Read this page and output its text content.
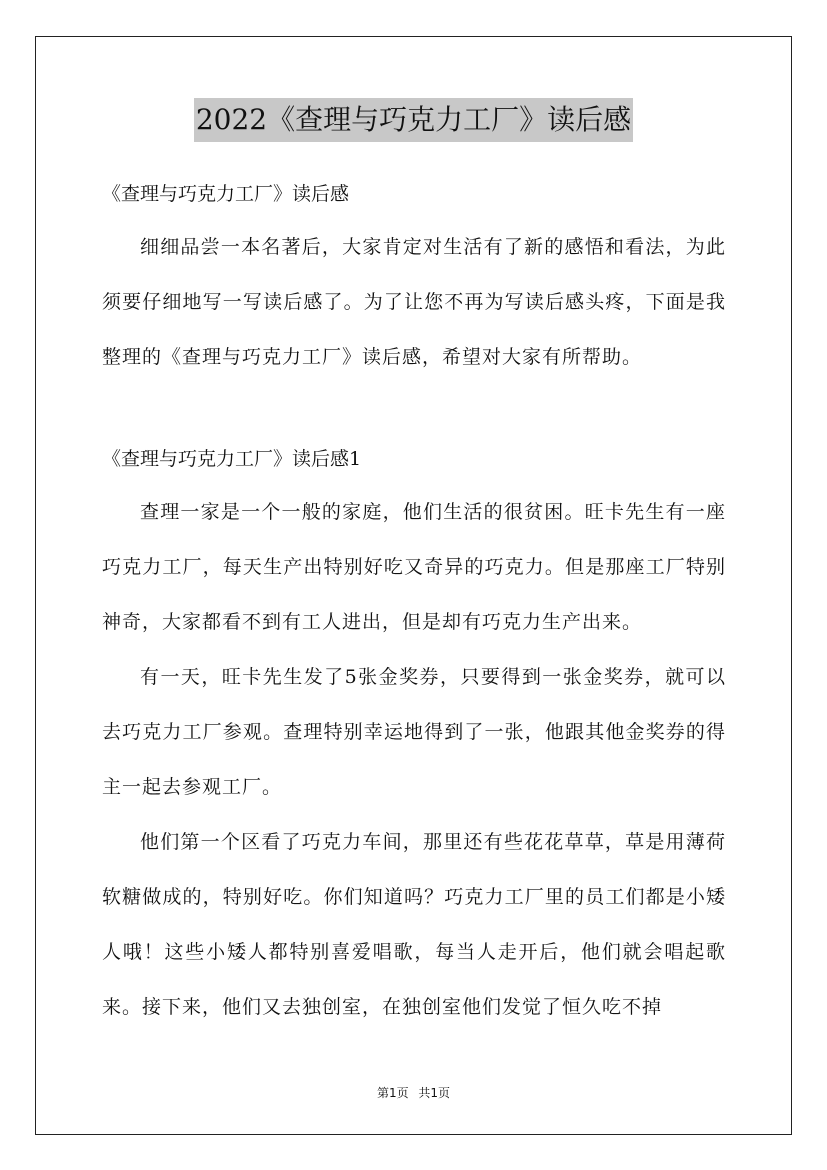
2022《查理与巧克力工厂》读后感

《查理与巧克力工厂》读后感

细细品尝一本名著后，大家肯定对生活有了新的感悟和看法，为此须要仔细地写一写读后感了。为了让您不再为写读后感头疼，下面是我整理的《查理与巧克力工厂》读后感，希望对大家有所帮助。

《查理与巧克力工厂》读后感1

查理一家是一个一般的家庭，他们生活的很贫困。旺卡先生有一座巧克力工厂，每天生产出特别好吃又奇异的巧克力。但是那座工厂特别神奇，大家都看不到有工人进出，但是却有巧克力生产出来。

有一天，旺卡先生发了5张金奖券，只要得到一张金奖券，就可以去巧克力工厂参观。查理特别幸运地得到了一张，他跟其他金奖券的得主一起去参观工厂。

他们第一个区看了巧克力车间，那里还有些花花草草，草是用薄荷软糖做成的，特别好吃。你们知道吗？巧克力工厂里的员工们都是小矮人哦！这些小矮人都特别喜爱唱歌，每当人走开后，他们就会唱起歌来。接下来，他们又去独创室，在独创室他们发觉了恒久吃不掉

第1页 共1页
